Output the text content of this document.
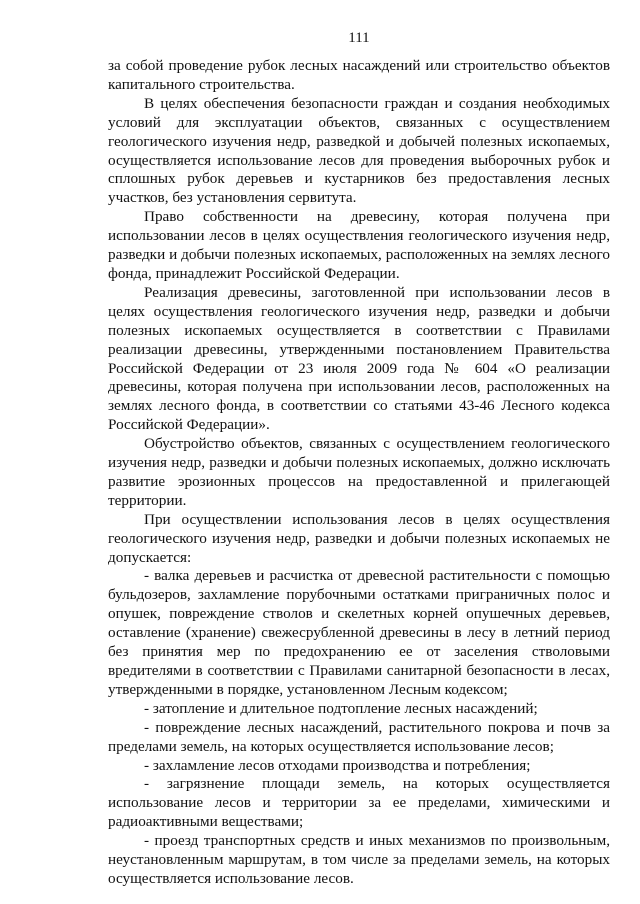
111

за собой проведение рубок лесных насаждений или строительство объектов капитального строительства.

В целях обеспечения безопасности граждан и создания необходимых условий для эксплуатации объектов, связанных с осуществлением геологического изучения недр, разведкой и добычей полезных ископаемых, осуществляется использование лесов для проведения выборочных рубок и сплошных рубок деревьев и кустарников без предоставления лесных участков, без установления сервитута.

Право собственности на древесину, которая получена при использовании лесов в целях осуществления геологического изучения недр, разведки и добычи полезных ископаемых, расположенных на землях лесного фонда, принадлежит Российской Федерации.

Реализация древесины, заготовленной при использовании лесов в целях осуществления геологического изучения недр, разведки и добычи полезных ископаемых осуществляется в соответствии с Правилами реализации древесины, утвержденными постановлением Правительства Российской Федерации от 23 июля 2009 года № 604 «О реализации древесины, которая получена при использовании лесов, расположенных на землях лесного фонда, в соответствии со статьями 43-46 Лесного кодекса Российской Федерации».

Обустройство объектов, связанных с осуществлением геологического изучения недр, разведки и добычи полезных ископаемых, должно исключать развитие эрозионных процессов на предоставленной и прилегающей территории.

При осуществлении использования лесов в целях осуществления геологического изучения недр, разведки и добычи полезных ископаемых не допускается:

- валка деревьев и расчистка от древесной растительности с помощью бульдозеров, захламление порубочными остатками приграничных полос и опушек, повреждение стволов и скелетных корней опушечных деревьев, оставление (хранение) свежесрубленной древесины в лесу в летний период без принятия мер по предохранению ее от заселения стволовыми вредителями в соответствии с Правилами санитарной безопасности в лесах, утвержденными в порядке, установленном Лесным кодексом;

- затопление и длительное подтопление лесных насаждений;

- повреждение лесных насаждений, растительного покрова и почв за пределами земель, на которых осуществляется использование лесов;

- захламление лесов отходами производства и потребления;

- загрязнение площади земель, на которых осуществляется использование лесов и территории за ее пределами, химическими и радиоактивными веществами;

- проезд транспортных средств и иных механизмов по произвольным, неустановленным маршрутам, в том числе за пределами земель, на которых осуществляется использование лесов.
